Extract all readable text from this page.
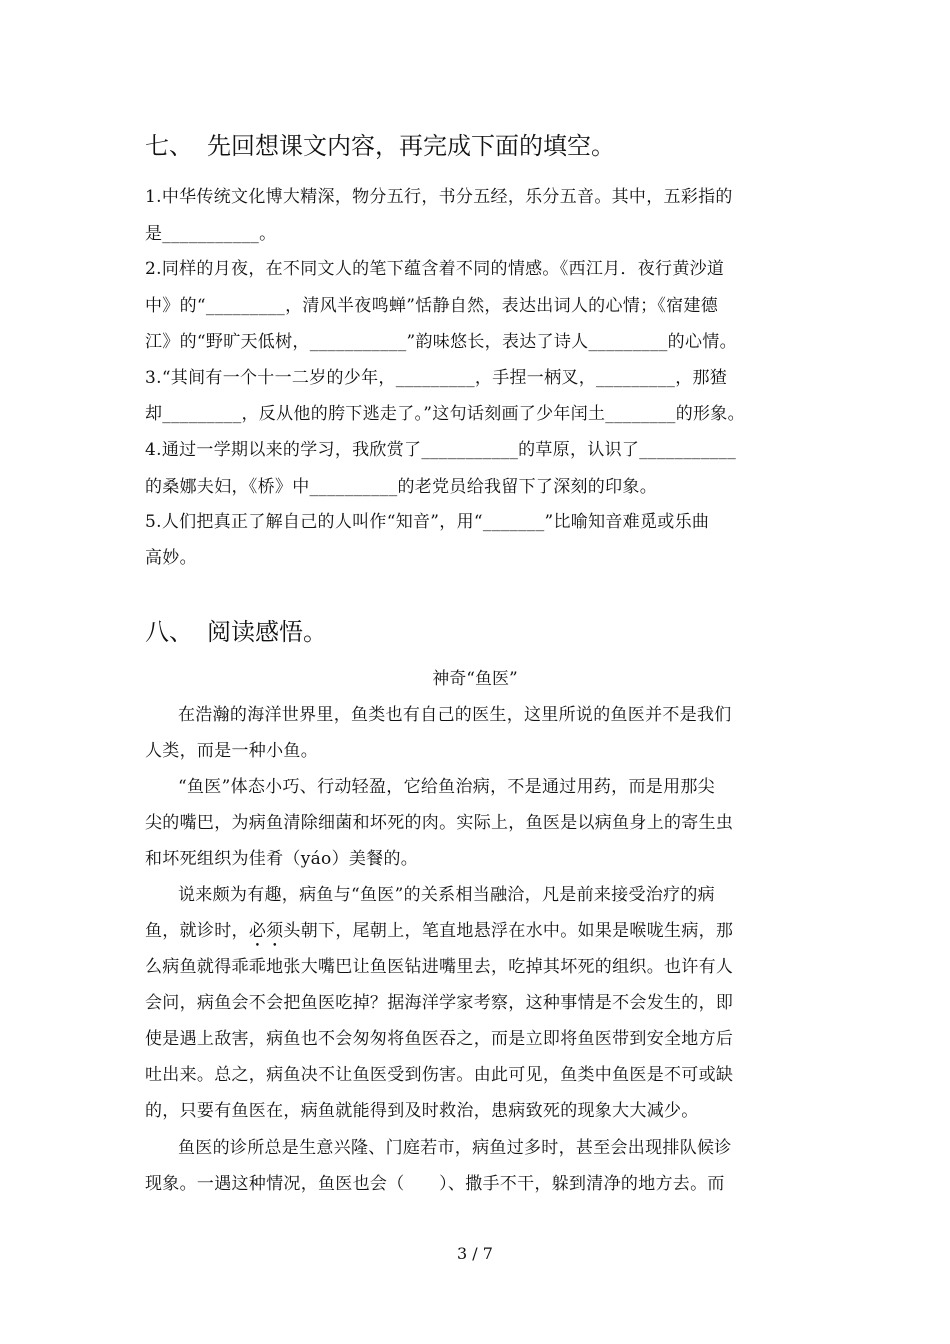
七、 先回想课文内容，再完成下面的填空。
1.中华传统文化博大精深，物分五行，书分五经，乐分五音。其中，五彩指的
是___________。
2.同样的月夜，在不同文人的笔下蕴含着不同的情感。《西江月．夜行黄沙道
中》的“_________，清风半夜鸣蝉”恬静自然，表达出词人的心情；《宿建德
江》的“野旷天低树，___________”韵味悠长，表达了诗人_________的心情。
3.“其间有一个十一二岁的少年，_________，手捏一柄叉，_________，那猹
却_________，反从他的胯下逃走了。”这句话刻画了少年闰土________的形象。
4.通过一学期以来的学习，我欣赏了___________的草原，认识了___________
的桑娜夫妇，《桥》中__________的老党员给我留下了深刻的印象。
5.人们把真正了解自己的人叫作“知音”，用“_______”比喻知音难觅或乐曲
高妙。
八、 阅读感悟。
神奇“鱼医”
在浩瀚的海洋世界里，鱼类也有自己的医生，这里所说的鱼医并不是我们
人类，而是一种小鱼。
“鱼医”体态小巧、行动轻盈，它给鱼治病，不是通过用药，而是用那尖
尖的嘴巴，为病鱼清除细菌和坏死的肉。实际上，鱼医是以病鱼身上的寄生虫
和坏死组织为佳肴（yáo）美餐的。
说来颇为有趣，病鱼与“鱼医”的关系相当融洽，凡是前来接受治疗的病
鱼，就诊时，必须头朝下，尾朝上，笔直地悬浮在水中。如果是喉咙生病，那
么病鱼就得乖乖地张大嘴巴让鱼医钻进嘴里去，吃掉其坏死的组织。也许有人
会问，病鱼会不会把鱼医吃掉？据海洋学家考察，这种事情是不会发生的，即
使是遇上敌害，病鱼也不会匆匆将鱼医吞之，而是立即将鱼医带到安全地方后
吐出来。总之，病鱼决不让鱼医受到伤害。由此可见，鱼类中鱼医是不可或缺
的，只要有鱼医在，病鱼就能得到及时救治，患病致死的现象大大减少。
鱼医的诊所总是生意兴隆、门庭若市，病鱼过多时，甚至会出现排队候诊
现象。一遇这种情况，鱼医也会（　　）、撒手不干，躲到清净的地方去。而
3 / 7
